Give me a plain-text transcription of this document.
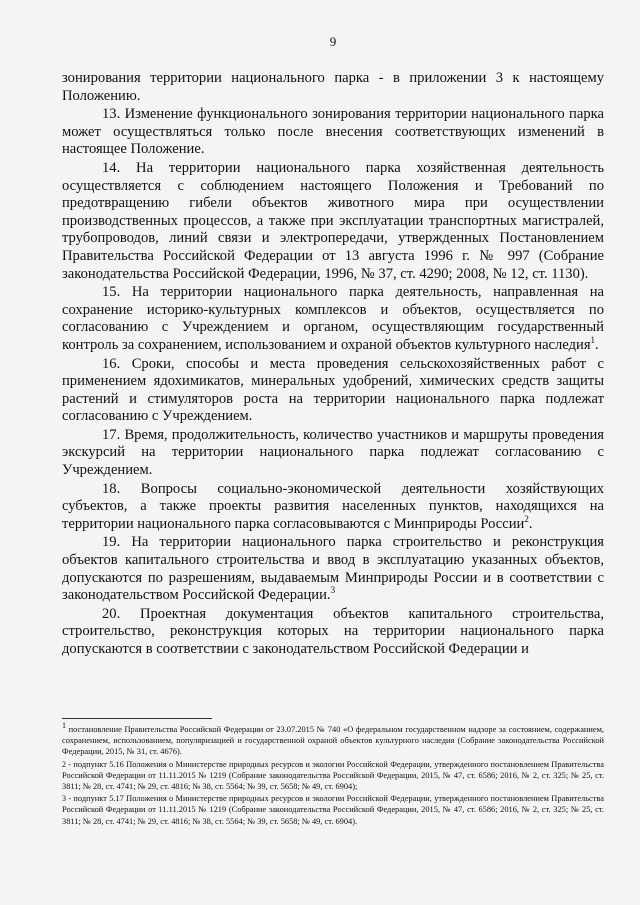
9

зонирования территории национального парка - в приложении 3 к настоящему Положению.

13. Изменение функционального зонирования территории национального парка может осуществляться только после внесения соответствующих изменений в настоящее Положение.

14. На территории национального парка хозяйственная деятельность осуществляется с соблюдением настоящего Положения и Требований по предотвращению гибели объектов животного мира при осуществлении производственных процессов, а также при эксплуатации транспортных магистралей, трубопроводов, линий связи и электропередачи, утвержденных Постановлением Правительства Российской Федерации от 13 августа 1996 г. № 997 (Собрание законодательства Российской Федерации, 1996, № 37, ст. 4290; 2008, № 12, ст. 1130).

15. На территории национального парка деятельность, направленная на сохранение историко-культурных комплексов и объектов, осуществляется по согласованию с Учреждением и органом, осуществляющим государственный контроль за сохранением, использованием и охраной объектов культурного наследия$^1$.

16. Сроки, способы и места проведения сельскохозяйственных работ с применением ядохимикатов, минеральных удобрений, химических средств защиты растений и стимуляторов роста на территории национального парка подлежат согласованию с Учреждением.

17. Время, продолжительность, количество участников и маршруты проведения экскурсий на территории национального парка подлежат согласованию с Учреждением.

18. Вопросы социально-экономической деятельности хозяйствующих субъектов, а также проекты развития населенных пунктов, находящихся на территории национального парка согласовываются с Минприроды России$^2$.

19. На территории национального парка строительство и реконструкция объектов капитального строительства и ввод в эксплуатацию указанных объектов, допускаются по разрешениям, выдаваемым Минприроды России и в соответствии с законодательством Российской Федерации.$^3$

20. Проектная документация объектов капитального строительства, строительство, реконструкция которых на территории национального парка допускаются в соответствии с законодательством Российской Федерации и

$^1$ постановление Правительства Российской Федерации от 23.07.2015 № 740 «О федеральном государственном надзоре за состоянием, содержанием, сохранением, использованием, популяризацией и государственной охраной объектов культурного наследия (Собрание законодательства Российской Федерации, 2015, № 31, ст. 4676).

2 - подпункт 5.16 Положения о Министерстве природных ресурсов и экологии Российской Федерации, утвержденного постановлением Правительства Российской Федерации от 11.11.2015 № 1219 (Собрание законодательства Российской Федерации, 2015, № 47, ст. 6586; 2016, № 2, ст. 325; № 25, ст. 3811; № 28, ст. 4741; № 29, ст. 4816; № 38, ст. 5564; № 39, ст. 5658; № 49, ст. 6904);

3 - подпункт 5.17 Положения о Министерстве природных ресурсов и экологии Российской Федерации, утвержденного постановлением Правительства Российской Федерации от 11.11.2015 № 1219 (Собрание законодательства Российской Федерации, 2015, № 47, ст. 6586; 2016, № 2, ст. 325; № 25, ст. 3811; № 28, ст. 4741; № 29, ст. 4816; № 38, ст. 5564; № 39, ст. 5658; № 49, ст. 6904).
